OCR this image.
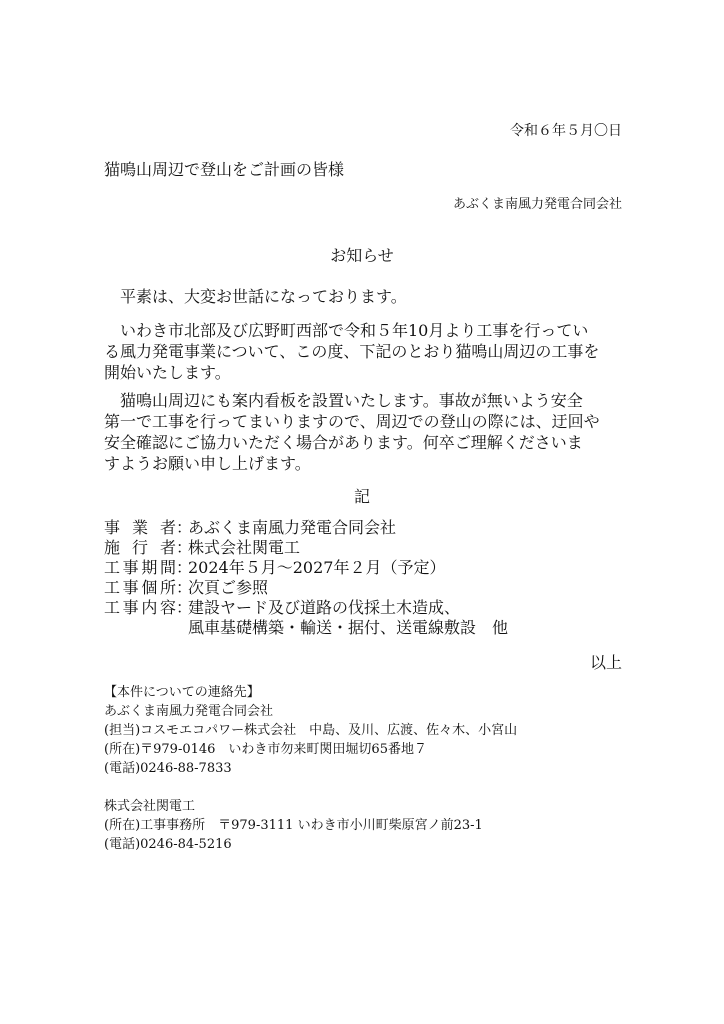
令和６年５月〇日
猫鳴山周辺で登山をご計画の皆様
あぶくま南風力発電合同会社
お知らせ
　平素は、大変お世話になっております。
　いわき市北部及び広野町西部で令和５年10月より工事を行ってい
る風力発電事業について、この度、下記のとおり猫鳴山周辺の工事を
開始いたします。
　猫鳴山周辺にも案内看板を設置いたします。事故が無いよう安全
第一で工事を行ってまいりますので、周辺での登山の際には、迂回や
安全確認にご協力いただく場合があります。何卒ご理解くださいま
すようお願い申し上げます。
記
事業者 ：
あぶくま南風力発電合同会社
施行者 ：
株式会社関電工
工事期間 ：
2024年５月～2027年２月（予定）
工事個所 ：
次頁ご参照
工事内容 ：
建設ヤード及び道路の伐採土木造成、
風車基礎構築・輸送・据付、送電線敷設　他
以上
【本件についての連絡先】
あぶくま南風力発電合同会社
(担当)コスモエコパワー株式会社　中島、及川、広渡、佐々木、小宮山
(所在)〒979-0146　いわき市勿来町関田堀切65番地７
(電話)0246-88-7833
株式会社関電工
(所在)工事事務所　〒979-3111 いわき市小川町柴原宮ノ前23-1
(電話)0246-84-5216
